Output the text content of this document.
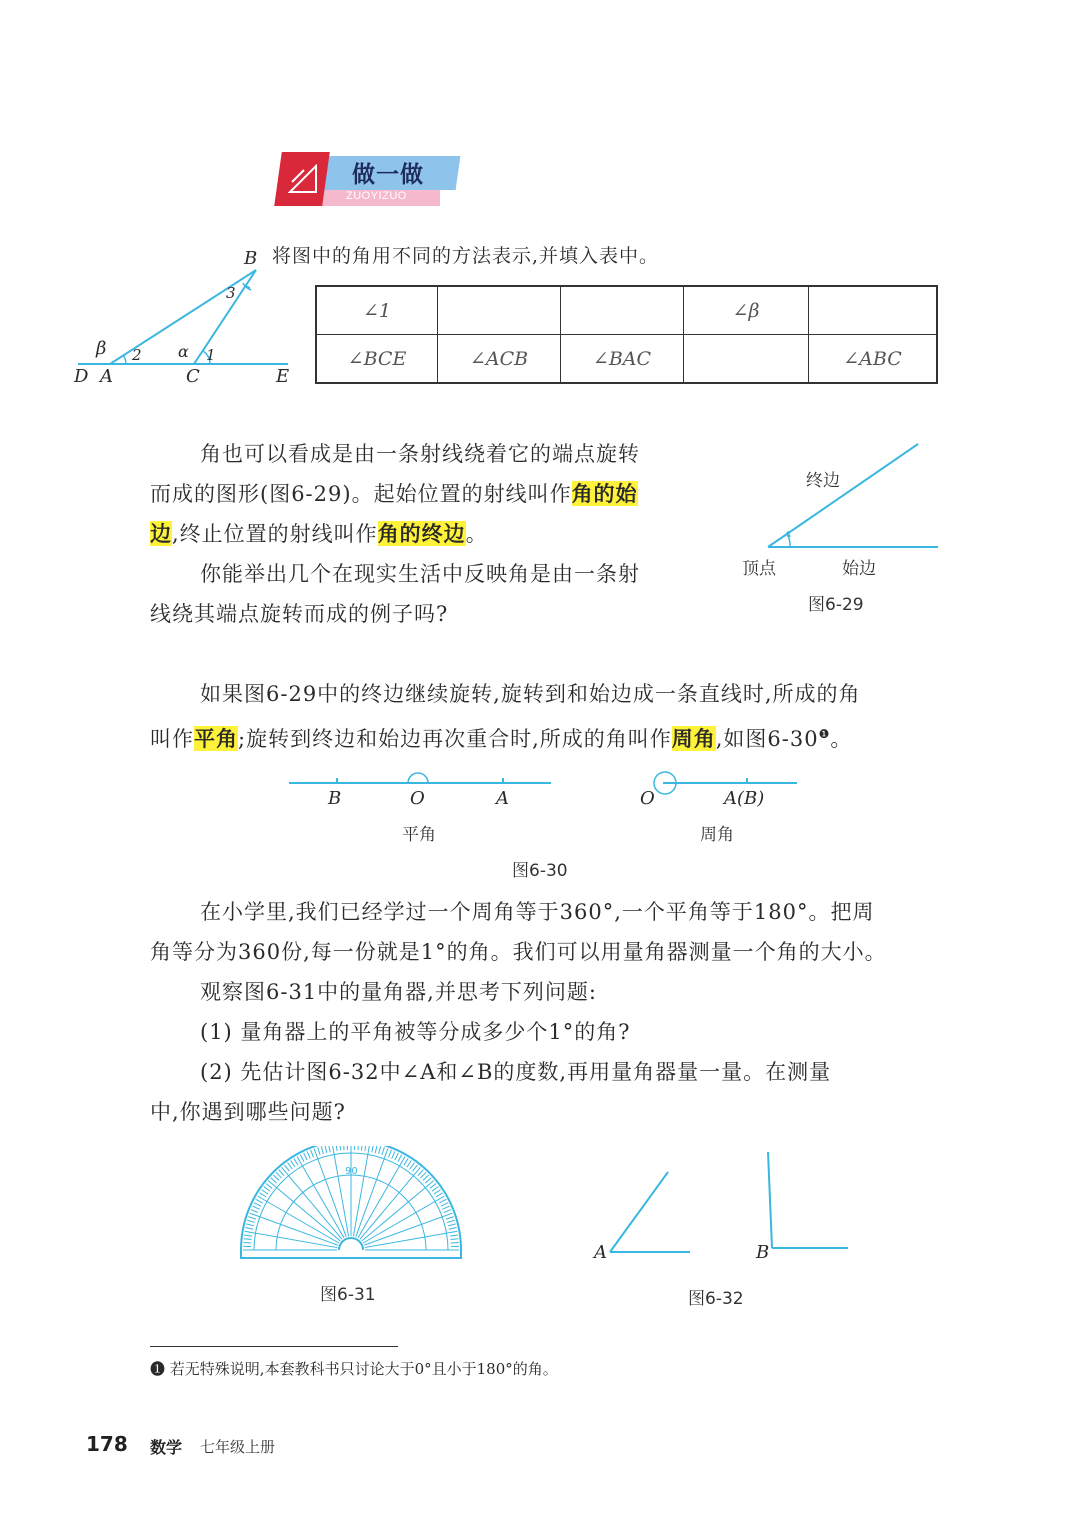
做一做
ZUOYIZUO
将图中的角用不同的方法表示,并填入表中。
B
3
β 2 α 1
D A	C	E
∠1			∠β	
∠BCE	∠ACB	∠BAC		∠ABC
角也可以看成是由一条射线绕着它的端点旋转
而成的图形(图6-29)。起始位置的射线叫作角的始
边,终止位置的射线叫作角的终边。
你能举出几个在现实生活中反映角是由一条射
线绕其端点旋转而成的例子吗?
终边
顶点	始边
图6-29
如果图6-29中的终边继续旋转,旋转到和始边成一条直线时,所成的角
叫作平角;旋转到终边和始边再次重合时,所成的角叫作周角,如图$6-30^❶$。
B	O	A	O	A(B)
平角	周角
图6-30
在小学里,我们已经学过一个周角等于360°,一个平角等于180°。把周
角等分为360份,每一份就是1°的角。我们可以用量角器测量一个角的大小。
观察图6-31中的量角器,并思考下列问题:
(1) 量角器上的平角被等分成多少个1°的角?
(2) 先估计图6-32中∠A和∠B的度数,再用量角器量一量。在测量
中,你遇到哪些问题?
90
图6-31
A	B
图6-32
❶ 若无特殊说明,本套教科书只讨论大于0°且小于180°的角。
178 数学 七年级上册
